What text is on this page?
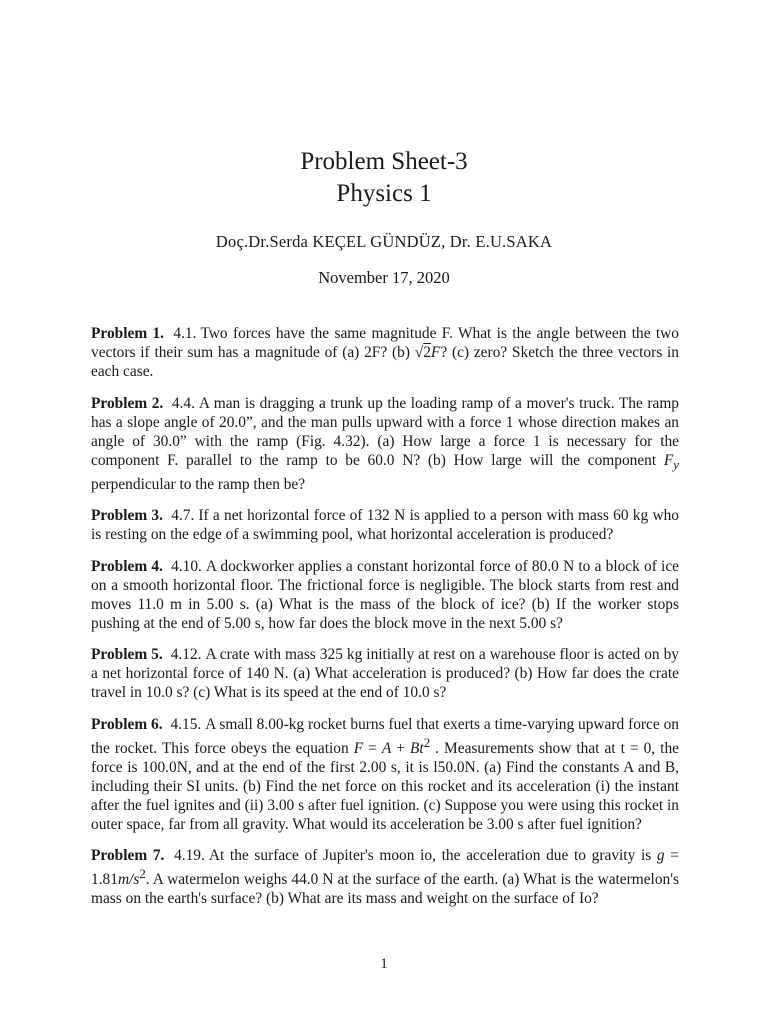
Problem Sheet-3
Physics 1
Doç.Dr.Serda KEÇEL GÜNDÜZ, Dr. E.U.SAKA
November 17, 2020

Problem 1. 4.1. Two forces have the same magnitude F. What is the angle between the two vectors if their sum has a magnitude of (a) 2F? (b) √2F? (c) zero? Sketch the three vectors in each case.

Problem 2. 4.4. A man is dragging a trunk up the loading ramp of a mover's truck. The ramp has a slope angle of 20.0”, and the man pulls upward with a force 1 whose direction makes an angle of 30.0” with the ramp (Fig. 4.32). (a) How large a force 1 is necessary for the component F. parallel to the ramp to be 60.0 N? (b) How large will the component $F_y$ perpendicular to the ramp then be?

Problem 3. 4.7. If a net horizontal force of 132 N is applied to a person with mass 60 kg who is resting on the edge of a swimming pool, what horizontal acceleration is produced?

Problem 4. 4.10. A dockworker applies a constant horizontal force of 80.0 N to a block of ice on a smooth horizontal floor. The frictional force is negligible. The block starts from rest and moves 11.0 m in 5.00 s. (a) What is the mass of the block of ice? (b) If the worker stops pushing at the end of 5.00 s, how far does the block move in the next 5.00 s?

Problem 5. 4.12. A crate with mass 325 kg initially at rest on a warehouse floor is acted on by a net horizontal force of 140 N. (a) What acceleration is produced? (b) How far does the crate travel in 10.0 s? (c) What is its speed at the end of 10.0 s?

Problem 6. 4.15. A small 8.00-kg rocket burns fuel that exerts a time-varying upward force on the rocket. This force obeys the equation $F = A + Bt^2$ . Measurements show that at t = 0, the force is 100.0N, and at the end of the first 2.00 s, it is l50.0N. (a) Find the constants A and B, including their SI units. (b) Find the net force on this rocket and its acceleration (i) the instant after the fuel ignites and (ii) 3.00 s after fuel ignition. (c) Suppose you were using this rocket in outer space, far from all gravity. What would its acceleration be 3.00 s after fuel ignition?

Problem 7. 4.19. At the surface of Jupiter's moon io, the acceleration due to gravity is $g = 1.81m/s^2$. A watermelon weighs 44.0 N at the surface of the earth. (a) What is the watermelon's mass on the earth's surface? (b) What are its mass and weight on the surface of Io?

1
